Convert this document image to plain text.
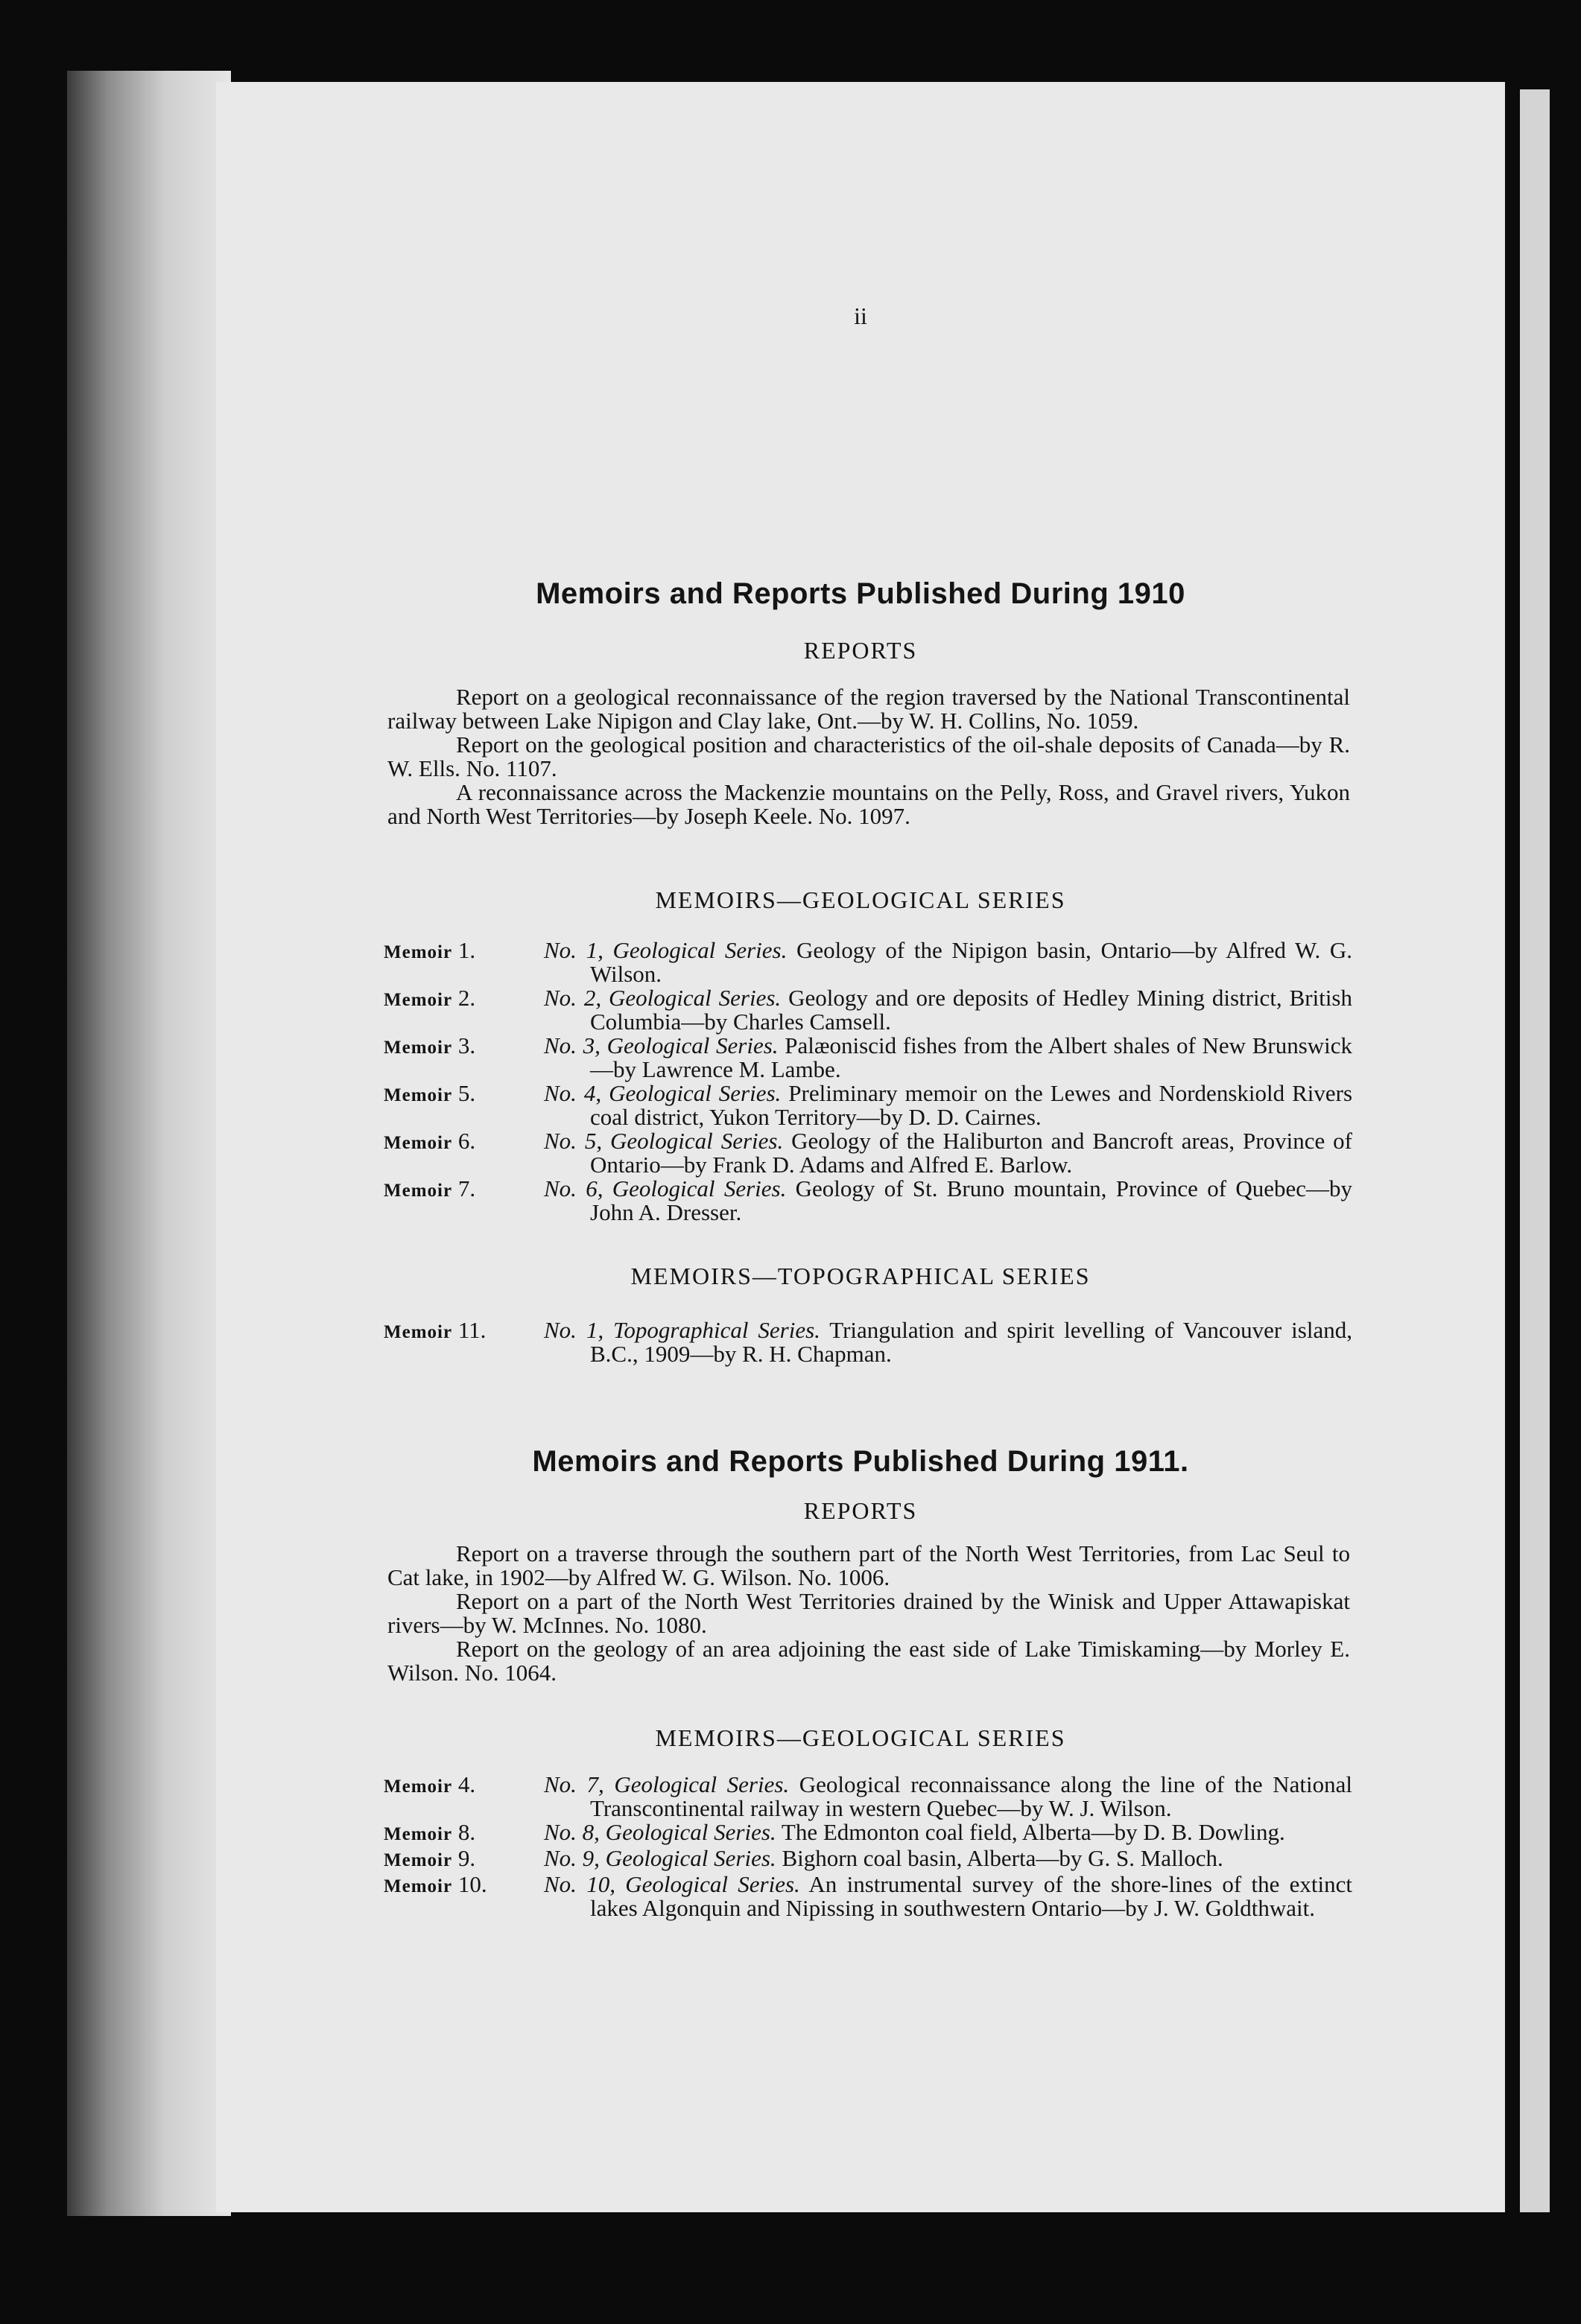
ii
Memoirs and Reports Published During 1910
REPORTS

Report on a geological reconnaissance of the region traversed by the National Transcontinental railway between Lake Nipigon and Clay lake, Ont.—by W. H. Collins, No. 1059.

Report on the geological position and characteristics of the oil-shale deposits of Canada—by R. W. Ells. No. 1107.

A reconnaissance across the Mackenzie mountains on the Pelly, Ross, and Gravel rivers, Yukon and North West Territories—by Joseph Keele. No. 1097.

MEMOIRS—GEOLOGICAL SERIES
Memoir 1.	No. 1, Geological Series. Geology of the Nipigon basin, Ontario—by Alfred W. G. Wilson.
Memoir 2.	No. 2, Geological Series. Geology and ore deposits of Hedley Mining district, British Columbia—by Charles Camsell.
Memoir 3.	No. 3, Geological Series. Palæoniscid fishes from the Albert shales of New Brunswick—by Lawrence M. Lambe.
Memoir 5.	No. 4, Geological Series. Preliminary memoir on the Lewes and Nordenskiold Rivers coal district, Yukon Territory—by D. D. Cairnes.
Memoir 6.	No. 5, Geological Series. Geology of the Haliburton and Bancroft areas, Province of Ontario—by Frank D. Adams and Alfred E. Barlow.
Memoir 7.	No. 6, Geological Series. Geology of St. Bruno mountain, Province of Quebec—by John A. Dresser.
MEMOIRS—TOPOGRAPHICAL SERIES
Memoir 11.	No. 1, Topographical Series. Triangulation and spirit levelling of Vancouver island, B.C., 1909—by R. H. Chapman.
Memoirs and Reports Published During 1911.
REPORTS

Report on a traverse through the southern part of the North West Territories, from Lac Seul to Cat lake, in 1902—by Alfred W. G. Wilson. No. 1006.

Report on a part of the North West Territories drained by the Winisk and Upper Attawapiskat rivers—by W. McInnes. No. 1080.

Report on the geology of an area adjoining the east side of Lake Timiskaming—by Morley E. Wilson. No. 1064.

MEMOIRS—GEOLOGICAL SERIES
Memoir 4.	No. 7, Geological Series. Geological reconnaissance along the line of the National Transcontinental railway in western Quebec—by W. J. Wilson.
Memoir 8.	No. 8, Geological Series. The Edmonton coal field, Alberta—by D. B. Dowling.
Memoir 9.	No. 9, Geological Series. Bighorn coal basin, Alberta—by G. S. Malloch.
Memoir 10.	No. 10, Geological Series. An instrumental survey of the shore-lines of the extinct lakes Algonquin and Nipissing in southwestern Ontario—by J. W. Goldthwait.
